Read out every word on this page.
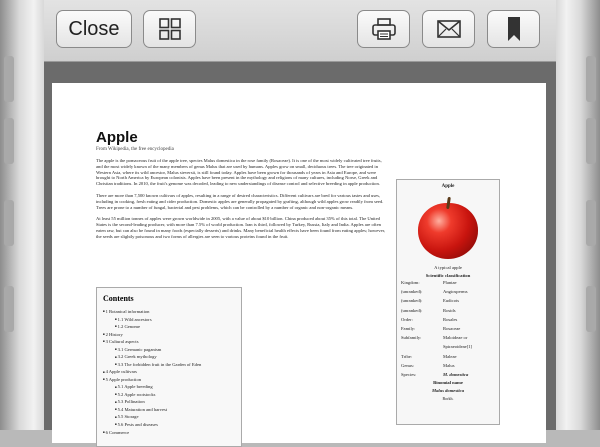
Close
Apple
From Wikipedia, the free encyclopedia

The apple is the pomaceous fruit of the apple tree, species Malus domestica in the rose family (Rosaceae). It is one of the most widely cultivated tree fruits, and the most widely known of the many members of genus Malus that are used by humans. Apples grow on small, deciduous trees. The tree originated in Western Asia, where its wild ancestor, Malus sieversii, is still found today. Apples have been grown for thousands of years in Asia and Europe, and were brought to North America by European colonists. Apples have been present in the mythology and religions of many cultures, including Norse, Greek and Christian traditions. In 2010, the fruit's genome was decoded, leading to new understandings of disease control and selective breeding in apple production.

There are more than 7,500 known cultivars of apples, resulting in a range of desired characteristics. Different cultivars are bred for various tastes and uses, including in cooking, fresh eating and cider production. Domestic apples are generally propagated by grafting, although wild apples grow readily from seed. Trees are prone to a number of fungal, bacterial and pest problems, which can be controlled by a number of organic and non-organic means.

At least 55 million tonnes of apples were grown worldwide in 2005, with a value of about $10 billion. China produced about 35% of this total. The United States is the second-leading producer, with more than 7.5% of world production. Iran is third, followed by Turkey, Russia, Italy and India. Apples are often eaten raw, but can also be found in many foods (especially desserts) and drinks. Many beneficial health effects have been found from eating apples; however, the seeds are slightly poisonous and two forms of allergies are seen to various proteins found in the fruit.

Contents
■ 1 Botanical information
■ 1.1 Wild ancestors
■ 1.2 Genome
■ 2 History
■ 3 Cultural aspects
■ 3.1 Germanic paganism
■ 3.2 Greek mythology
■ 3.3 The forbidden fruit in the Garden of Eden
■ 4 Apple cultivars
■ 5 Apple production
■ 5.1 Apple breeding
■ 5.2 Apple rootstocks
■ 5.3 Pollination
■ 5.4 Maturation and harvest
■ 5.5 Storage
■ 5.6 Pests and diseases
■ 6 Commerce
Apple
A typical apple
Scientific classification
Kingdom:	Plantae
(unranked):	Angiosperms
(unranked):	Eudicots
(unranked):	Rosids
Order:	Rosales
Family:	Rosaceae
Subfamily:	Maloideae or Spiraeoideae[1]
Tribe:	Maleae
Genus:	Malus
Species:	M. domestica
Binomial name
Malus domestica
Borkh.
